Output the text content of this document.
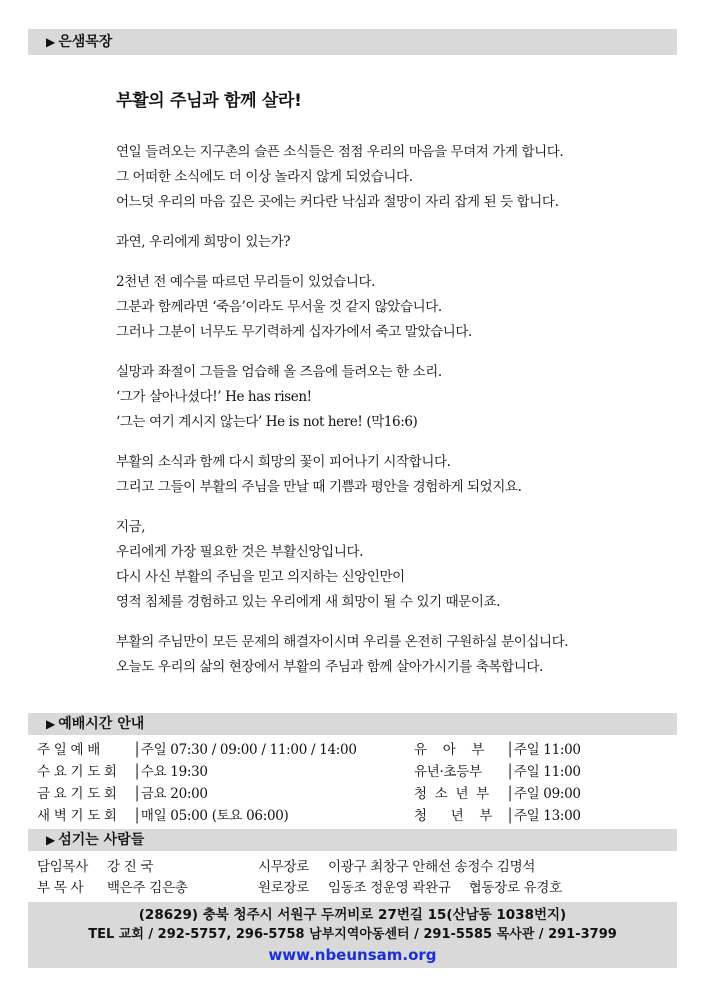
▶ 은샘목장
부활의 주님과 함께 살라!

연일 들려오는 지구촌의 슬픈 소식들은 점점 우리의 마음을 무뎌져 가게 합니다.
그 어떠한 소식에도 더 이상 놀라지 않게 되었습니다.
어느덧 우리의 마음 깊은 곳에는 커다란 낙심과 절망이 자리 잡게 된 듯 합니다.

과연, 우리에게 희망이 있는가?

2천년 전 예수를 따르던 무리들이 있었습니다.
그분과 함께라면 ‘죽음’이라도 무서울 것 같지 않았습니다.
그러나 그분이 너무도 무기력하게 십자가에서 죽고 말았습니다.

실망과 좌절이 그들을 엄습해 올 즈음에 들려오는 한 소리.
‘그가 살아나셨다!’ He has risen!
‘그는 여기 계시지 않는다’ He is not here! (막16:6)

부활의 소식과 함께 다시 희망의 꽃이 피어나기 시작합니다.
그리고 그들이 부활의 주님을 만날 때 기쁨과 평안을 경험하게 되었지요.

지금,
우리에게 가장 필요한 것은 부활신앙입니다.
다시 사신 부활의 주님을 믿고 의지하는 신앙인만이
영적 침체를 경험하고 있는 우리에게 새 희망이 될 수 있기 때문이죠.

부활의 주님만이 모든 문제의 해결자이시며 우리를 온전히 구원하실 분이십니다.
오늘도 우리의 삶의 현장에서 부활의 주님과 함께 살아가시기를 축복합니다.

▶ 예배시간 안내
주 일 예 배 │주일 07:30 / 09:00 / 11:00 / 14:00
수 요 기 도 회 │수요 19:30
금 요 기 도 회 │금요 20:00
새 벽 기 도 회 │매일 05:00 (토요 06:00)
유    아    부 │주일 11:00
유년·초등부 │주일 11:00
청  소  년  부 │주일 09:00
청      년    부 │주일 13:00
▶ 섬기는 사람들
담임목사 강 진 국
부 목 사 백은주 김은총
시무장로 이광구 최창구 안해선 송정수 김명석
원로장로 임동조 정운영 곽완규 협동장로 유경호
(28629) 충북 청주시 서원구 두꺼비로 27번길 15(산남동 1038번지)
TEL 교회 / 292-5757, 296-5758 남부지역아동센터 / 291-5585 목사관 / 291-3799
www.nbeunsam.org
